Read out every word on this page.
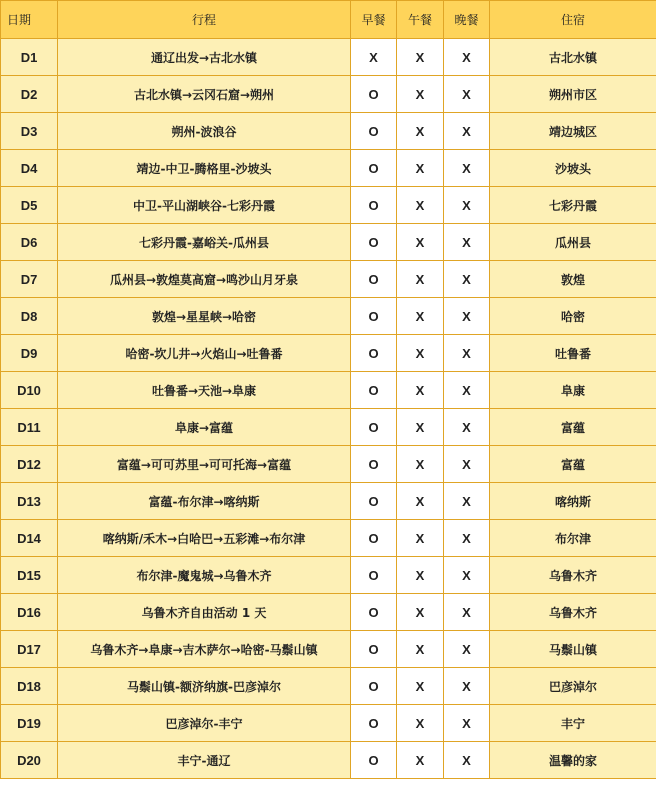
日期	行程	早餐	午餐	晚餐	住宿
D1	通辽出发→古北水镇	X	X	X	古北水镇
D2	古北水镇→云冈石窟→朔州	O	X	X	朔州市区
D3	朔州-波浪谷	O	X	X	靖边城区
D4	靖边-中卫-腾格里-沙坡头	O	X	X	沙坡头
D5	中卫-平山湖峡谷-七彩丹霞	O	X	X	七彩丹霞
D6	七彩丹霞-嘉峪关-瓜州县	O	X	X	瓜州县
D7	瓜州县→敦煌莫高窟→鸣沙山月牙泉	O	X	X	敦煌
D8	敦煌→星星峡→哈密	O	X	X	哈密
D9	哈密-坎儿井→火焰山→吐鲁番	O	X	X	吐鲁番
D10	吐鲁番→天池→阜康	O	X	X	阜康
D11	阜康→富蕴	O	X	X	富蕴
D12	富蕴→可可苏里→可可托海→富蕴	O	X	X	富蕴
D13	富蕴-布尔津→喀纳斯	O	X	X	喀纳斯
D14	喀纳斯/禾木→白哈巴→五彩滩→布尔津	O	X	X	布尔津
D15	布尔津-魔鬼城→乌鲁木齐	O	X	X	乌鲁木齐
D16	乌鲁木齐自由活动 1 天	O	X	X	乌鲁木齐
D17	乌鲁木齐→阜康→吉木萨尔→哈密-马鬃山镇	O	X	X	马鬃山镇
D18	马鬃山镇-额济纳旗-巴彦淖尔	O	X	X	巴彦淖尔
D19	巴彦淖尔-丰宁	O	X	X	丰宁
D20	丰宁-通辽	O	X	X	温馨的家
